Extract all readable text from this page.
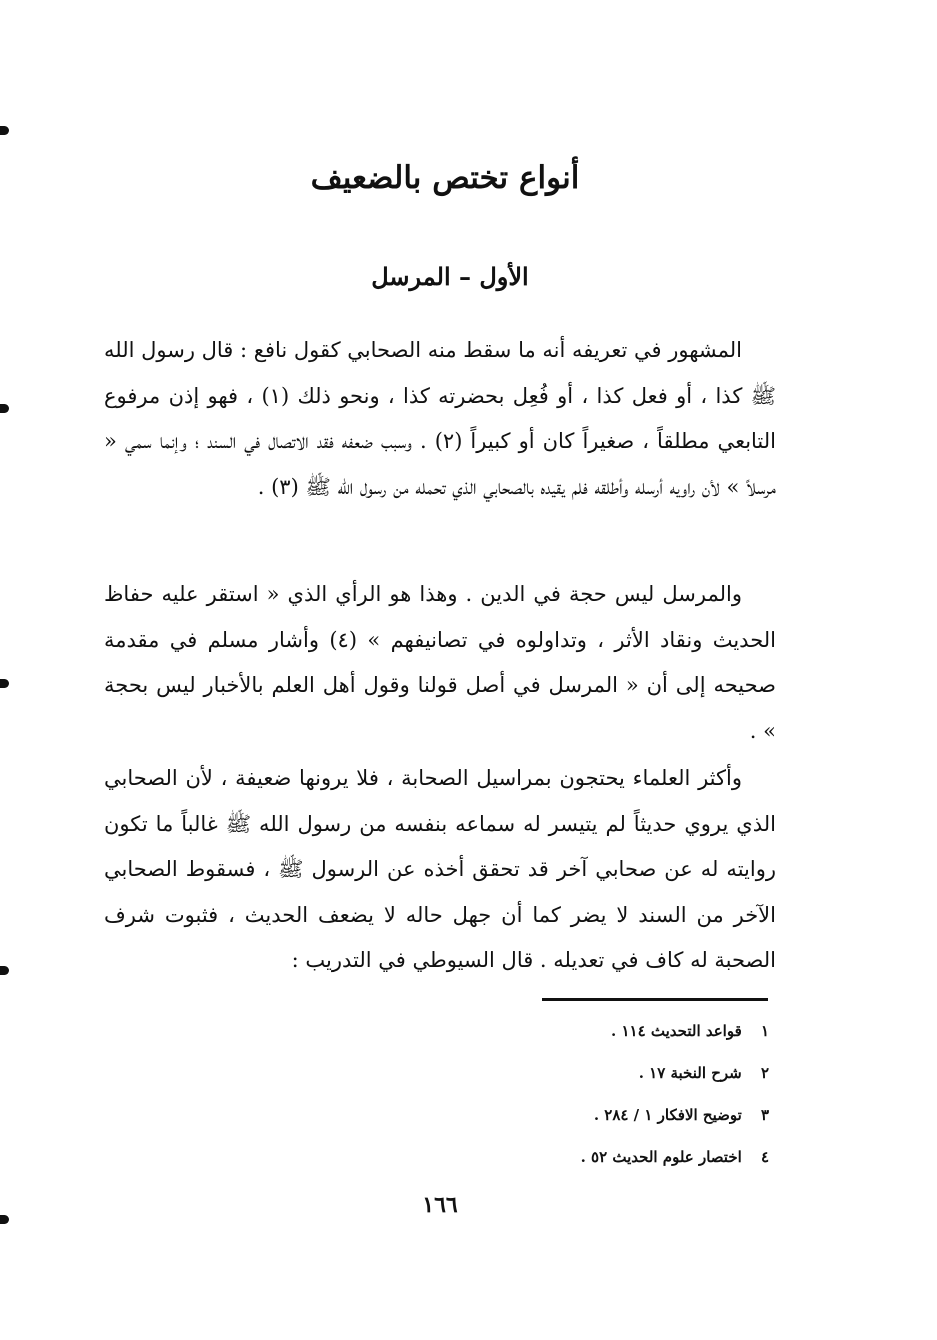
أنواع تختص بالضعيف
الأول – المرسل

المشهور في تعريفه أنه ما سقط منه الصحابي كقول نافع : قال رسول الله ﷺ كذا ، أو فعل كذا ، أو فُعِل بحضرته كذا ، ونحو ذلك (١) ، فهو إذن مرفوع التابعي مطلقاً ، صغيراً كان أو كبيراً (٢) . وسبب ضعفه فقد الاتصال في السند ؛ وإنما سمي « مرسلاً » لأن راويه أرسله وأطلقه فلم يقيده بالصحابي الذي تحمله من رسول الله ﷺ (٣) .

والمرسل ليس حجة في الدين . وهذا هو الرأي الذي « استقر عليه حفاظ الحديث ونقاد الأثر ، وتداولوه في تصانيفهم » (٤) وأشار مسلم في مقدمة صحيحه إلى أن « المرسل في أصل قولنا وقول أهل العلم بالأخبار ليس بحجة » .

وأكثر العلماء يحتجون بمراسيل الصحابة ، فلا يرونها ضعيفة ، لأن الصحابي الذي يروي حديثاً لم يتيسر له سماعه بنفسه من رسول الله ﷺ غالباً ما تكون روايته له عن صحابي آخر قد تحقق أخذه عن الرسول ﷺ ، فسقوط الصحابي الآخر من السند لا يضر كما أن جهل حاله لا يضعف الحديث ، فثبوت شرف الصحبة له كاف في تعديله . قال السيوطي في التدريب :

١ قواعد التحديث ١١٤ .
٢ شرح النخبة ١٧ .
٣ توضيح الافكار ١ / ٢٨٤ .
٤ اختصار علوم الحديث ٥٢ .
١٦٦
